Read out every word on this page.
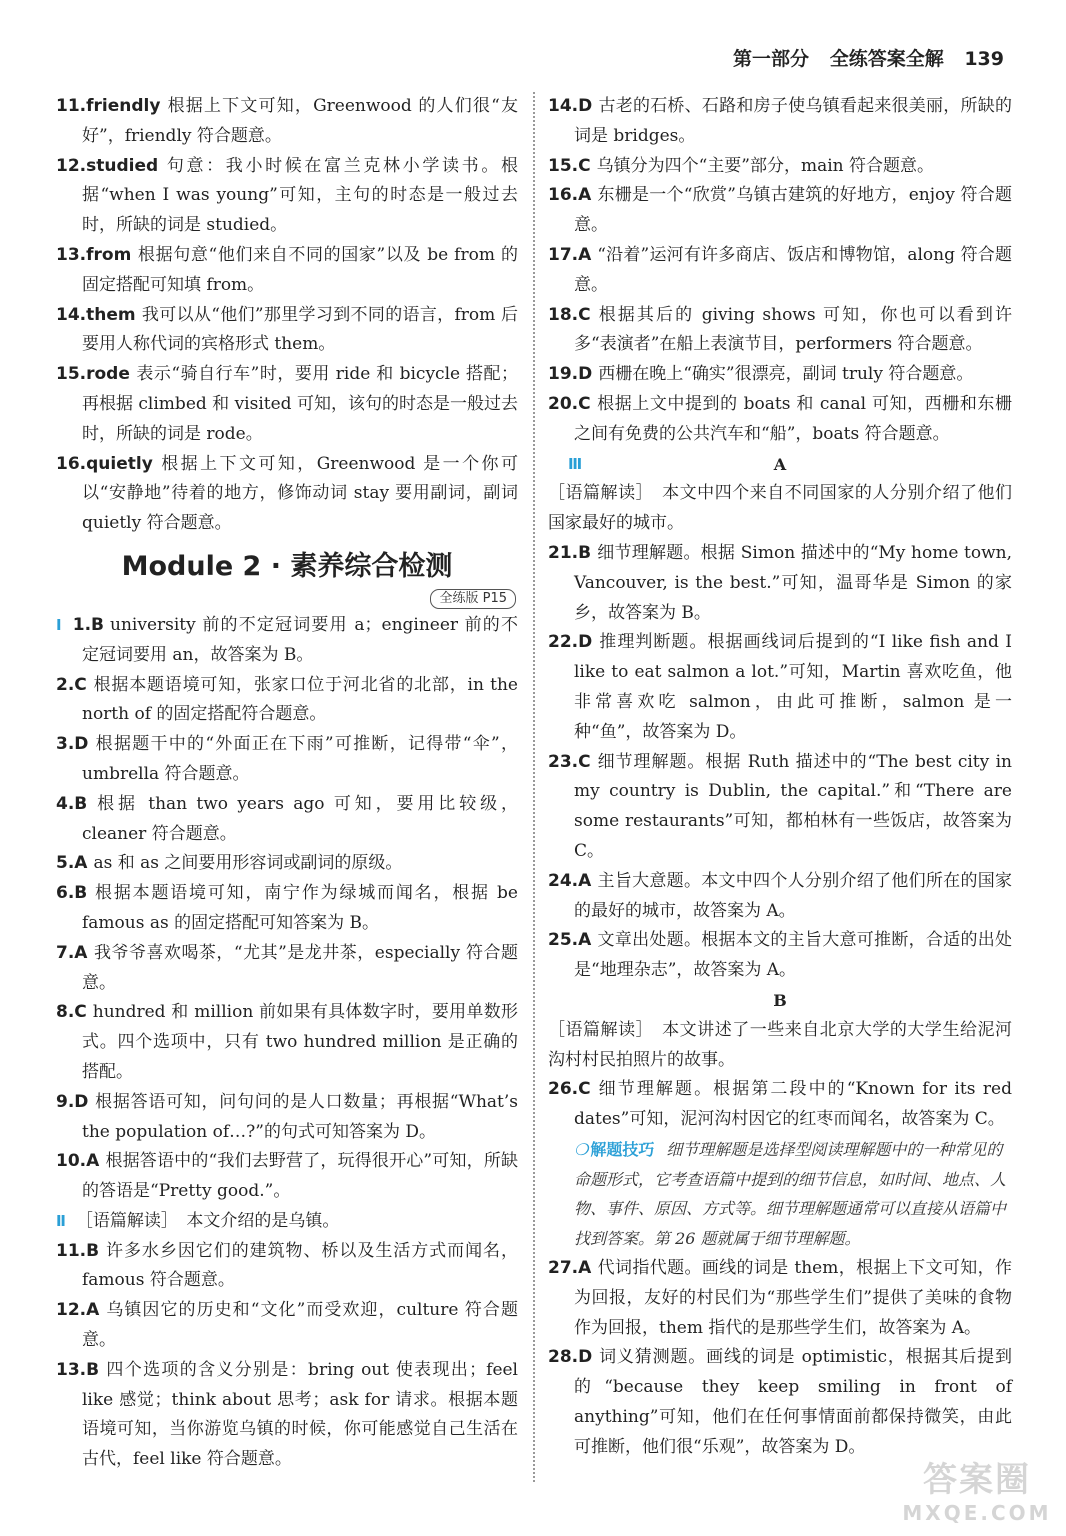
第一部分 全练答案全解 139
11.friendly 根据上下文可知，Greenwood 的人们很“友好”，friendly 符合题意。
12.studied 句意：我小时候在富兰克林小学读书。根据“when I was young”可知，主句的时态是一般过去时，所缺的词是 studied。
13.from 根据句意“他们来自不同的国家”以及 be from 的固定搭配可知填 from。
14.them 我可以从“他们”那里学习到不同的语言，from 后要用人称代词的宾格形式 them。
15.rode 表示“骑自行车”时，要用 ride 和 bicycle 搭配；再根据 climbed 和 visited 可知，该句的时态是一般过去时，所缺的词是 rode。
16.quietly 根据上下文可知，Greenwood 是一个你可以“安静地”待着的地方，修饰动词 stay 要用副词，副词 quietly 符合题意。
Module 2 · 素养综合检测
全练版 P15
Ⅰ 1.B university 前的不定冠词要用 a；engineer 前的不定冠词要用 an，故答案为 B。
2.C 根据本题语境可知，张家口位于河北省的北部，in the north of 的固定搭配符合题意。
3.D 根据题干中的“外面正在下雨”可推断，记得带“伞”，umbrella 符合题意。
4.B 根据 than two years ago 可知，要用比较级，cleaner 符合题意。
5.A as 和 as 之间要用形容词或副词的原级。
6.B 根据本题语境可知，南宁作为绿城而闻名，根据 be famous as 的固定搭配可知答案为 B。
7.A 我爷爷喜欢喝茶，“尤其”是龙井茶，especially 符合题意。
8.C hundred 和 million 前如果有具体数字时，要用单数形式。四个选项中，只有 two hundred million 是正确的搭配。
9.D 根据答语可知，问句问的是人口数量；再根据“What’s the population of…?”的句式可知答案为 D。
10.A 根据答语中的“我们去野营了，玩得很开心”可知，所缺的答语是“Pretty good.”。
Ⅱ ［语篇解读］　本文介绍的是乌镇。
11.B 许多水乡因它们的建筑物、桥以及生活方式而闻名，famous 符合题意。
12.A 乌镇因它的历史和“文化”而受欢迎，culture 符合题意。
13.B 四个选项的含义分别是：bring out 使表现出；feel like 感觉；think about 思考；ask for 请求。根据本题语境可知，当你游览乌镇的时候，你可能感觉自己生活在古代，feel like 符合题意。
14.D 古老的石桥、石路和房子使乌镇看起来很美丽，所缺的词是 bridges。
15.C 乌镇分为四个“主要”部分，main 符合题意。
16.A 东栅是一个“欣赏”乌镇古建筑的好地方，enjoy 符合题意。
17.A “沿着”运河有许多商店、饭店和博物馆，along 符合题意。
18.C 根据其后的 giving shows 可知，你也可以看到许多“表演者”在船上表演节目，performers 符合题意。
19.D 西栅在晚上“确实”很漂亮，副词 truly 符合题意。
20.C 根据上文中提到的 boats 和 canal 可知，西栅和东栅之间有免费的公共汽车和“船”，boats 符合题意。
Ⅲ	A
［语篇解读］　本文中四个来自不同国家的人分别介绍了他们国家最好的城市。
21.B 细节理解题。根据 Simon 描述中的“My home town, Vancouver, is the best.”可知，温哥华是 Simon 的家乡，故答案为 B。
22.D 推理判断题。根据画线词后提到的“I like fish and I like to eat salmon a lot.”可知，Martin 喜欢吃鱼，他非常喜欢吃 salmon，由此可推断，salmon 是一种“鱼”，故答案为 D。
23.C 细节理解题。根据 Ruth 描述中的“The best city in my country is Dublin, the capital.”和“There are some restaurants”可知，都柏林有一些饭店，故答案为 C。
24.A 主旨大意题。本文中四个人分别介绍了他们所在的国家的最好的城市，故答案为 A。
25.A 文章出处题。根据本文的主旨大意可推断，合适的出处是“地理杂志”，故答案为 A。
B
［语篇解读］　本文讲述了一些来自北京大学的大学生给泥河沟村村民拍照片的故事。
26.C 细节理解题。根据第二段中的“Known for its red dates”可知，泥河沟村因它的红枣而闻名，故答案为 C。
❍ 解题技巧 细节理解题是选择型阅读理解题中的一种常见的命题形式，它考查语篇中提到的细节信息，如时间、地点、人物、事件、原因、方式等。细节理解题通常可以直接从语篇中找到答案。第 26 题就属于细节理解题。
27.A 代词指代题。画线的词是 them，根据上下文可知，作为回报，友好的村民们为“那些学生们”提供了美味的食物作为回报，them 指代的是那些学生们，故答案为 A。
28.D 词义猜测题。画线的词是 optimistic，根据其后提到的“because they keep smiling in front of anything”可知，他们在任何事情面前都保持微笑，由此可推断，他们很“乐观”，故答案为 D。
答案圈
MXQE.COM
